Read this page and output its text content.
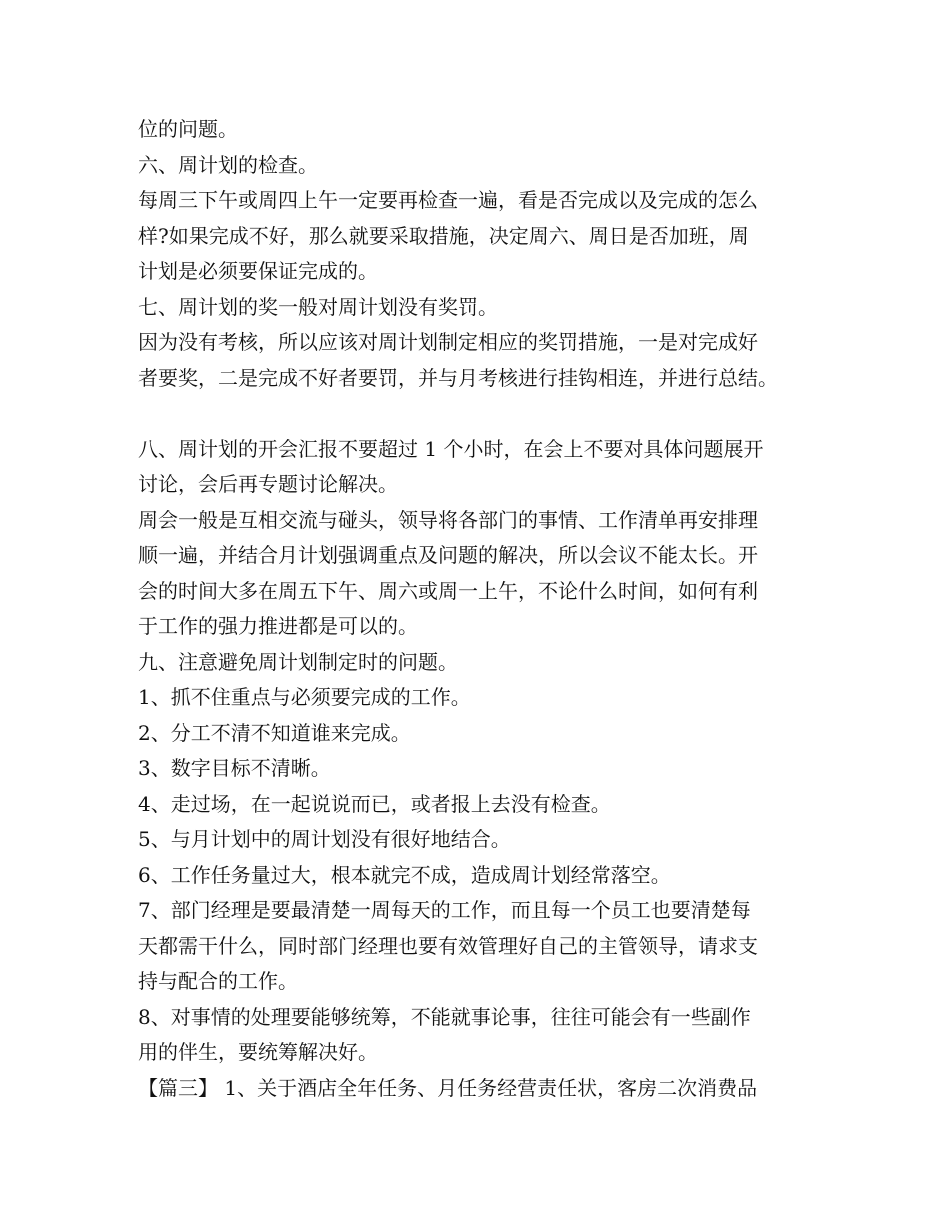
位的问题。
六、周计划的检查。
每周三下午或周四上午一定要再检查一遍，看是否完成以及完成的怎么
样?如果完成不好，那么就要采取措施，决定周六、周日是否加班，周
计划是必须要保证完成的。
七、周计划的奖一般对周计划没有奖罚。
因为没有考核，所以应该对周计划制定相应的奖罚措施，一是对完成好
者要奖，二是完成不好者要罚，并与月考核进行挂钩相连，并进行总结。
八、周计划的开会汇报不要超过 1 个小时，在会上不要对具体问题展开
讨论，会后再专题讨论解决。
周会一般是互相交流与碰头，领导将各部门的事情、工作清单再安排理
顺一遍，并结合月计划强调重点及问题的解决，所以会议不能太长。开
会的时间大多在周五下午、周六或周一上午，不论什么时间，如何有利
于工作的强力推进都是可以的。
九、注意避免周计划制定时的问题。
1、抓不住重点与必须要完成的工作。
2、分工不清不知道谁来完成。
3、数字目标不清晰。
4、走过场，在一起说说而已，或者报上去没有检查。
5、与月计划中的周计划没有很好地结合。
6、工作任务量过大，根本就完不成，造成周计划经常落空。
7、部门经理是要最清楚一周每天的工作，而且每一个员工也要清楚每
天都需干什么，同时部门经理也要有效管理好自己的主管领导，请求支
持与配合的工作。
8、对事情的处理要能够统筹，不能就事论事，往往可能会有一些副作
用的伴生，要统筹解决好。
【篇三】 1、关于酒店全年任务、月任务经营责任状，客房二次消费品
